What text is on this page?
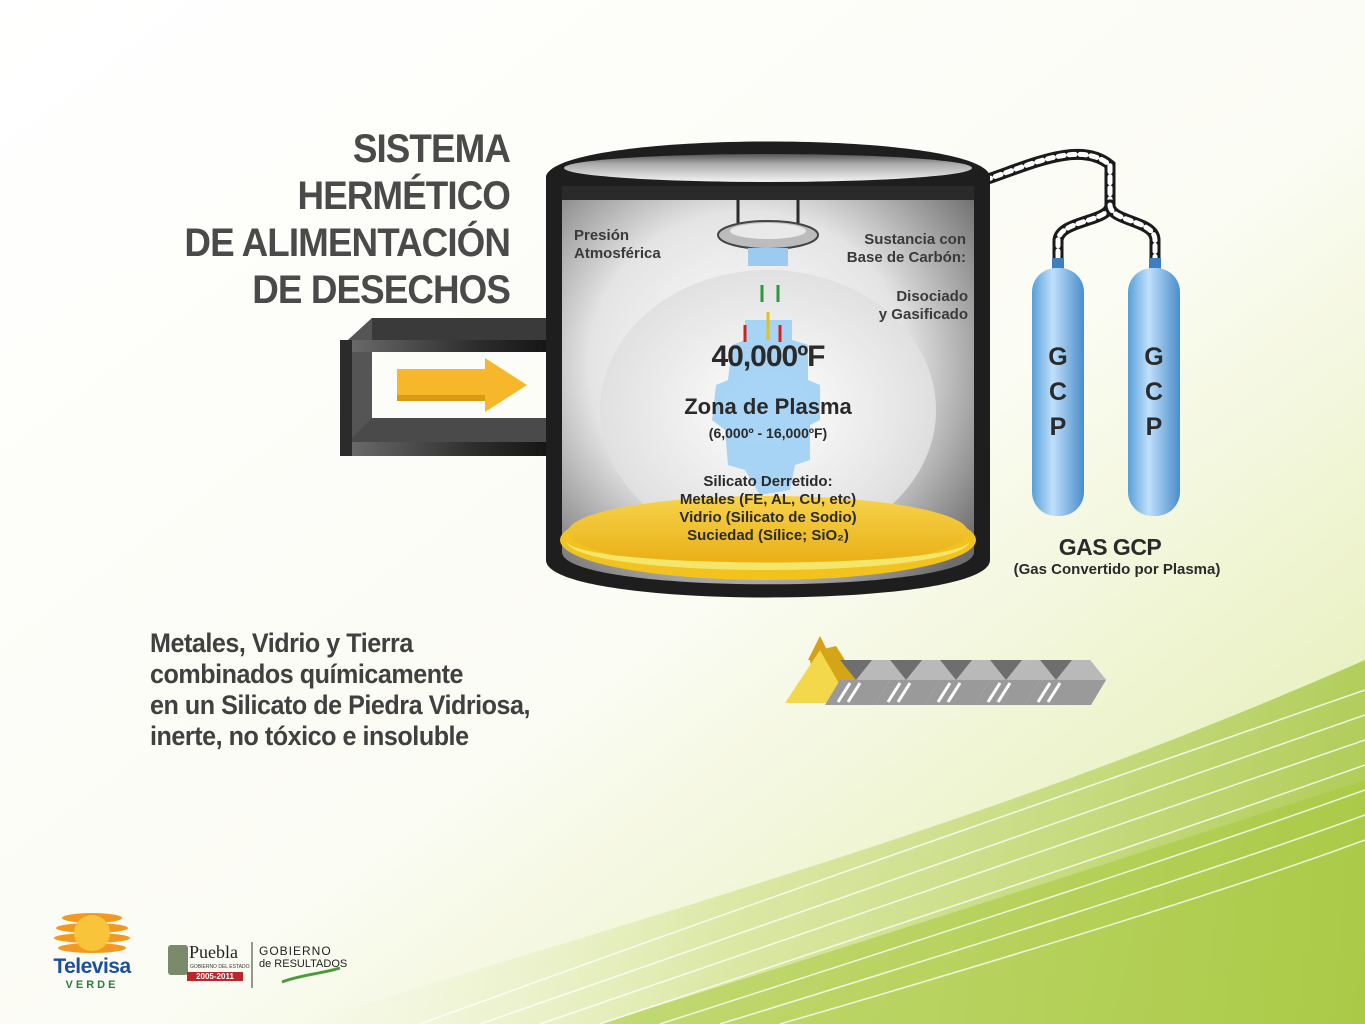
SISTEMA HERMÉTICO
DE ALIMENTACIÓN
DE DESECHOS
Presión
Atmosférica
Sustancia con
Base de Carbón:
Disociado
y Gasificado
40,000ºF
Zona de Plasma
(6,000º - 16,000ºF)
Silicato Derretido:
Metales (FE, AL, CU, etc)
Vidrio (Silicato de Sodio)
Suciedad (Sílice; SiO₂)
G
C
P
G
C
P
GAS GCP
(Gas Convertido por Plasma)
Metales, Vidrio y Tierra
combinados químicamente
en un Silicato de Piedra Vidriosa,
inerte, no tóxico e insoluble
Televisa
VERDE
Puebla
GOBIERNO DEL ESTADO
2005-2011
GOBIERNO
de RESULTADOS
